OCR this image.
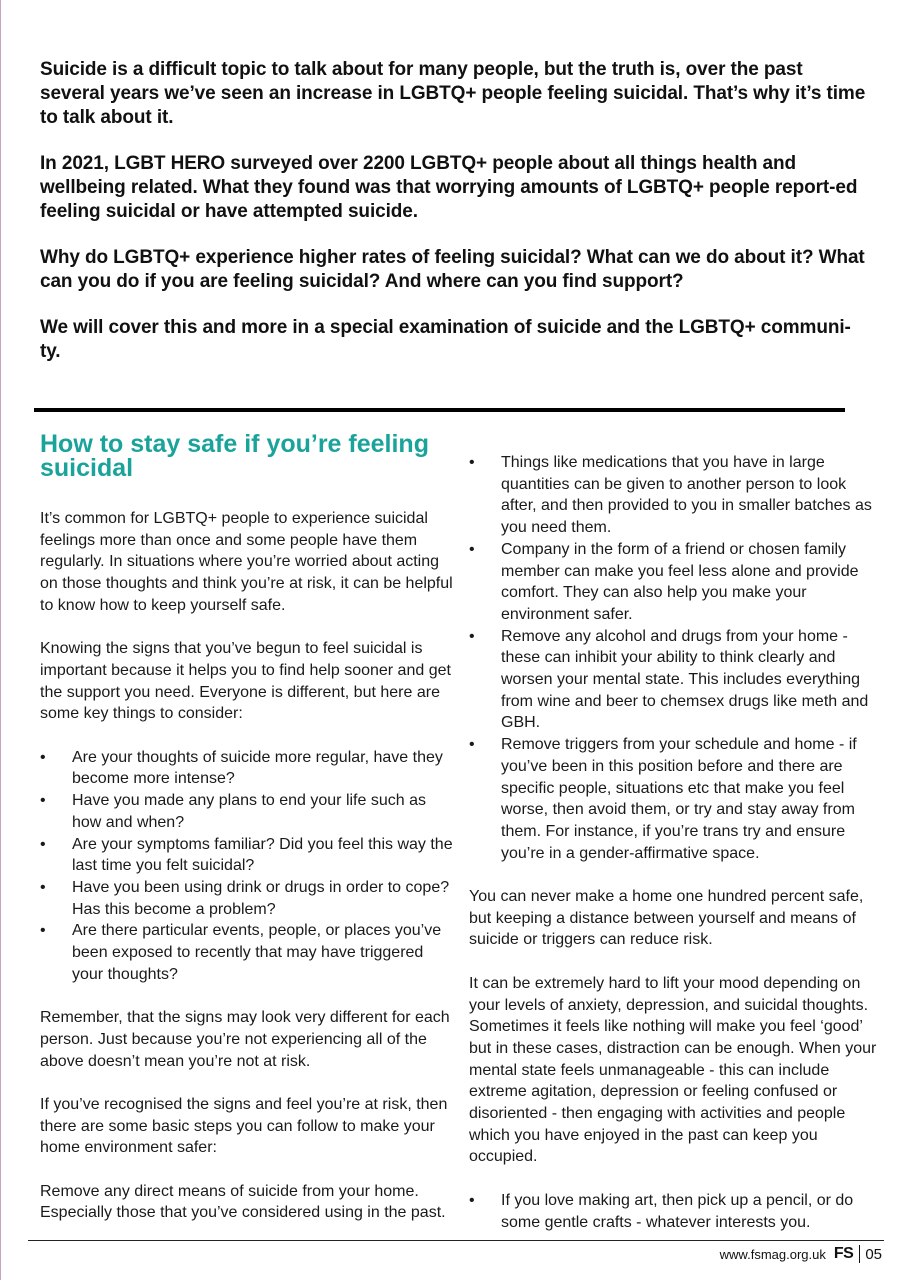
Suicide is a difficult topic to talk about for many people, but the truth is, over the past several years we’ve seen an increase in LGBTQ+ people feeling suicidal. That’s why it’s time to talk about it.

In 2021, LGBT HERO surveyed over 2200 LGBTQ+ people about all things health and wellbeing related. What they found was that worrying amounts of LGBTQ+ people report-ed feeling suicidal or have attempted suicide.

Why do LGBTQ+ experience higher rates of feeling suicidal? What can we do about it? What can you do if you are feeling suicidal? And where can you find support?

We will cover this and more in a special examination of suicide and the LGBTQ+ communi-ty.

How to stay safe if you’re feeling suicidal

It’s common for LGBTQ+ people to experience suicidal feelings more than once and some people have them regularly. In situations where you’re worried about acting on those thoughts and think you’re at risk, it can be helpful to know how to keep yourself safe.

Knowing the signs that you’ve begun to feel suicidal is important because it helps you to find help sooner and get the support you need. Everyone is different, but here are some key things to consider:

• Are your thoughts of suicide more regular, have they become more intense?
• Have you made any plans to end your life such as how and when?
• Are your symptoms familiar? Did you feel this way the last time you felt suicidal?
• Have you been using drink or drugs in order to cope? Has this become a problem?
• Are there particular events, people, or places you’ve been exposed to recently that may have triggered your thoughts?

Remember, that the signs may look very different for each person. Just because you’re not experiencing all of the above doesn’t mean you’re not at risk.

If you’ve recognised the signs and feel you’re at risk, then there are some basic steps you can follow to make your home environment safer:

Remove any direct means of suicide from your home. Especially those that you’ve considered using in the past.

• Things like medications that you have in large quantities can be given to another person to look after, and then provided to you in smaller batches as you need them.
• Company in the form of a friend or chosen family member can make you feel less alone and provide comfort. They can also help you make your environment safer.
• Remove any alcohol and drugs from your home - these can inhibit your ability to think clearly and worsen your mental state. This includes everything from wine and beer to chemsex drugs like meth and GBH.
• Remove triggers from your schedule and home - if you’ve been in this position before and there are specific people, situations etc that make you feel worse, then avoid them, or try and stay away from them. For instance, if you’re trans try and ensure you’re in a gender-affirmative space.

You can never make a home one hundred percent safe, but keeping a distance between yourself and means of suicide or triggers can reduce risk.

It can be extremely hard to lift your mood depending on your levels of anxiety, depression, and suicidal thoughts. Sometimes it feels like nothing will make you feel ‘good’ but in these cases, distraction can be enough. When your mental state feels unmanageable - this can include extreme agitation, depression or feeling confused or disoriented - then engaging with activities and people which you have enjoyed in the past can keep you occupied.

• If you love making art, then pick up a pencil, or do some gentle crafts - whatever interests you.
www.fsmag.org.uk FS 05
